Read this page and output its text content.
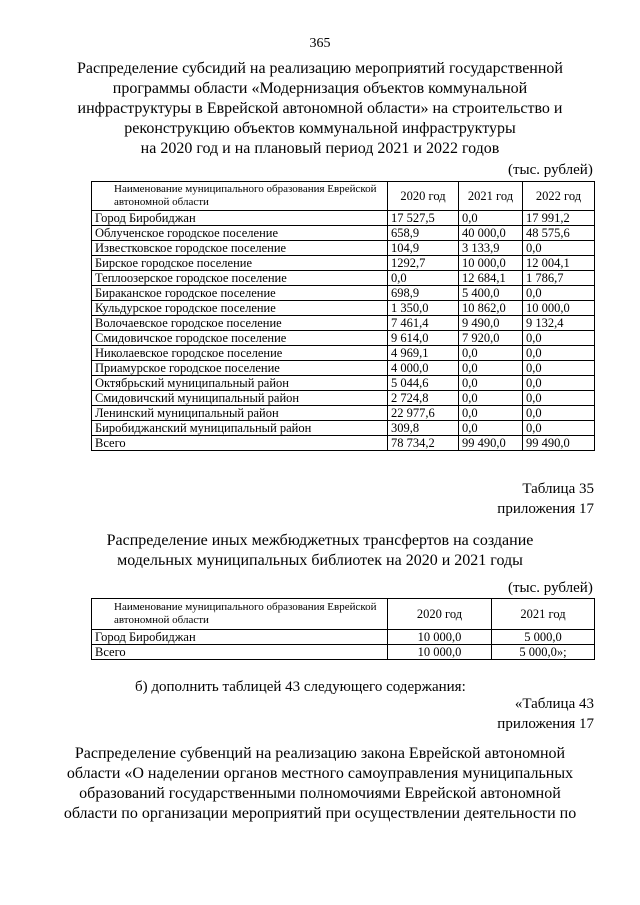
365
Распределение субсидий на реализацию мероприятий государственной
программы области «Модернизация объектов коммунальной
инфраструктуры в Еврейской автономной области» на строительство и
реконструкцию объектов коммунальной инфраструктуры
на 2020 год и на плановый период 2021 и 2022 годов
(тыс. рублей)
Наименование муниципального образования Еврейской автономной области	2020 год	2021 год	2022 год
Город Биробиджан	17 527,5	0,0	17 991,2
Облученское городское поселение	658,9	40 000,0	48 575,6
Известковское городское поселение	104,9	3 133,9	0,0
Бирское городское поселение	1292,7	10 000,0	12 004,1
Теплоозерское городское поселение	0,0	12 684,1	1 786,7
Бираканское городское поселение	698,9	5 400,0	0,0
Кульдурское городское поселение	1 350,0	10 862,0	10 000,0
Волочаевское городское поселение	7 461,4	9 490,0	9 132,4
Смидовичское городское поселение	9 614,0	7 920,0	0,0
Николаевское городское поселение	4 969,1	0,0	0,0
Приамурское городское поселение	4 000,0	0,0	0,0
Октябрьский муниципальный район	5 044,6	0,0	0,0
Смидовичский муниципальный район	2 724,8	0,0	0,0
Ленинский муниципальный район	22 977,6	0,0	0,0
Биробиджанский муниципальный район	309,8	0,0	0,0
Всего	78 734,2	99 490,0	99 490,0
Таблица 35
приложения 17
Распределение иных межбюджетных трансфертов на создание
модельных муниципальных библиотек на 2020 и 2021 годы
(тыс. рублей)
Наименование муниципального образования Еврейской автономной области	2020 год	2021 год
Город Биробиджан	10 000,0	5 000,0
Всего	10 000,0	5 000,0»;
б) дополнить таблицей 43 следующего содержания:
«Таблица 43
приложения 17
Распределение субвенций на реализацию закона Еврейской автономной
области «О наделении органов местного самоуправления муниципальных
образований государственными полномочиями Еврейской автономной
области по организации мероприятий при осуществлении деятельности по
